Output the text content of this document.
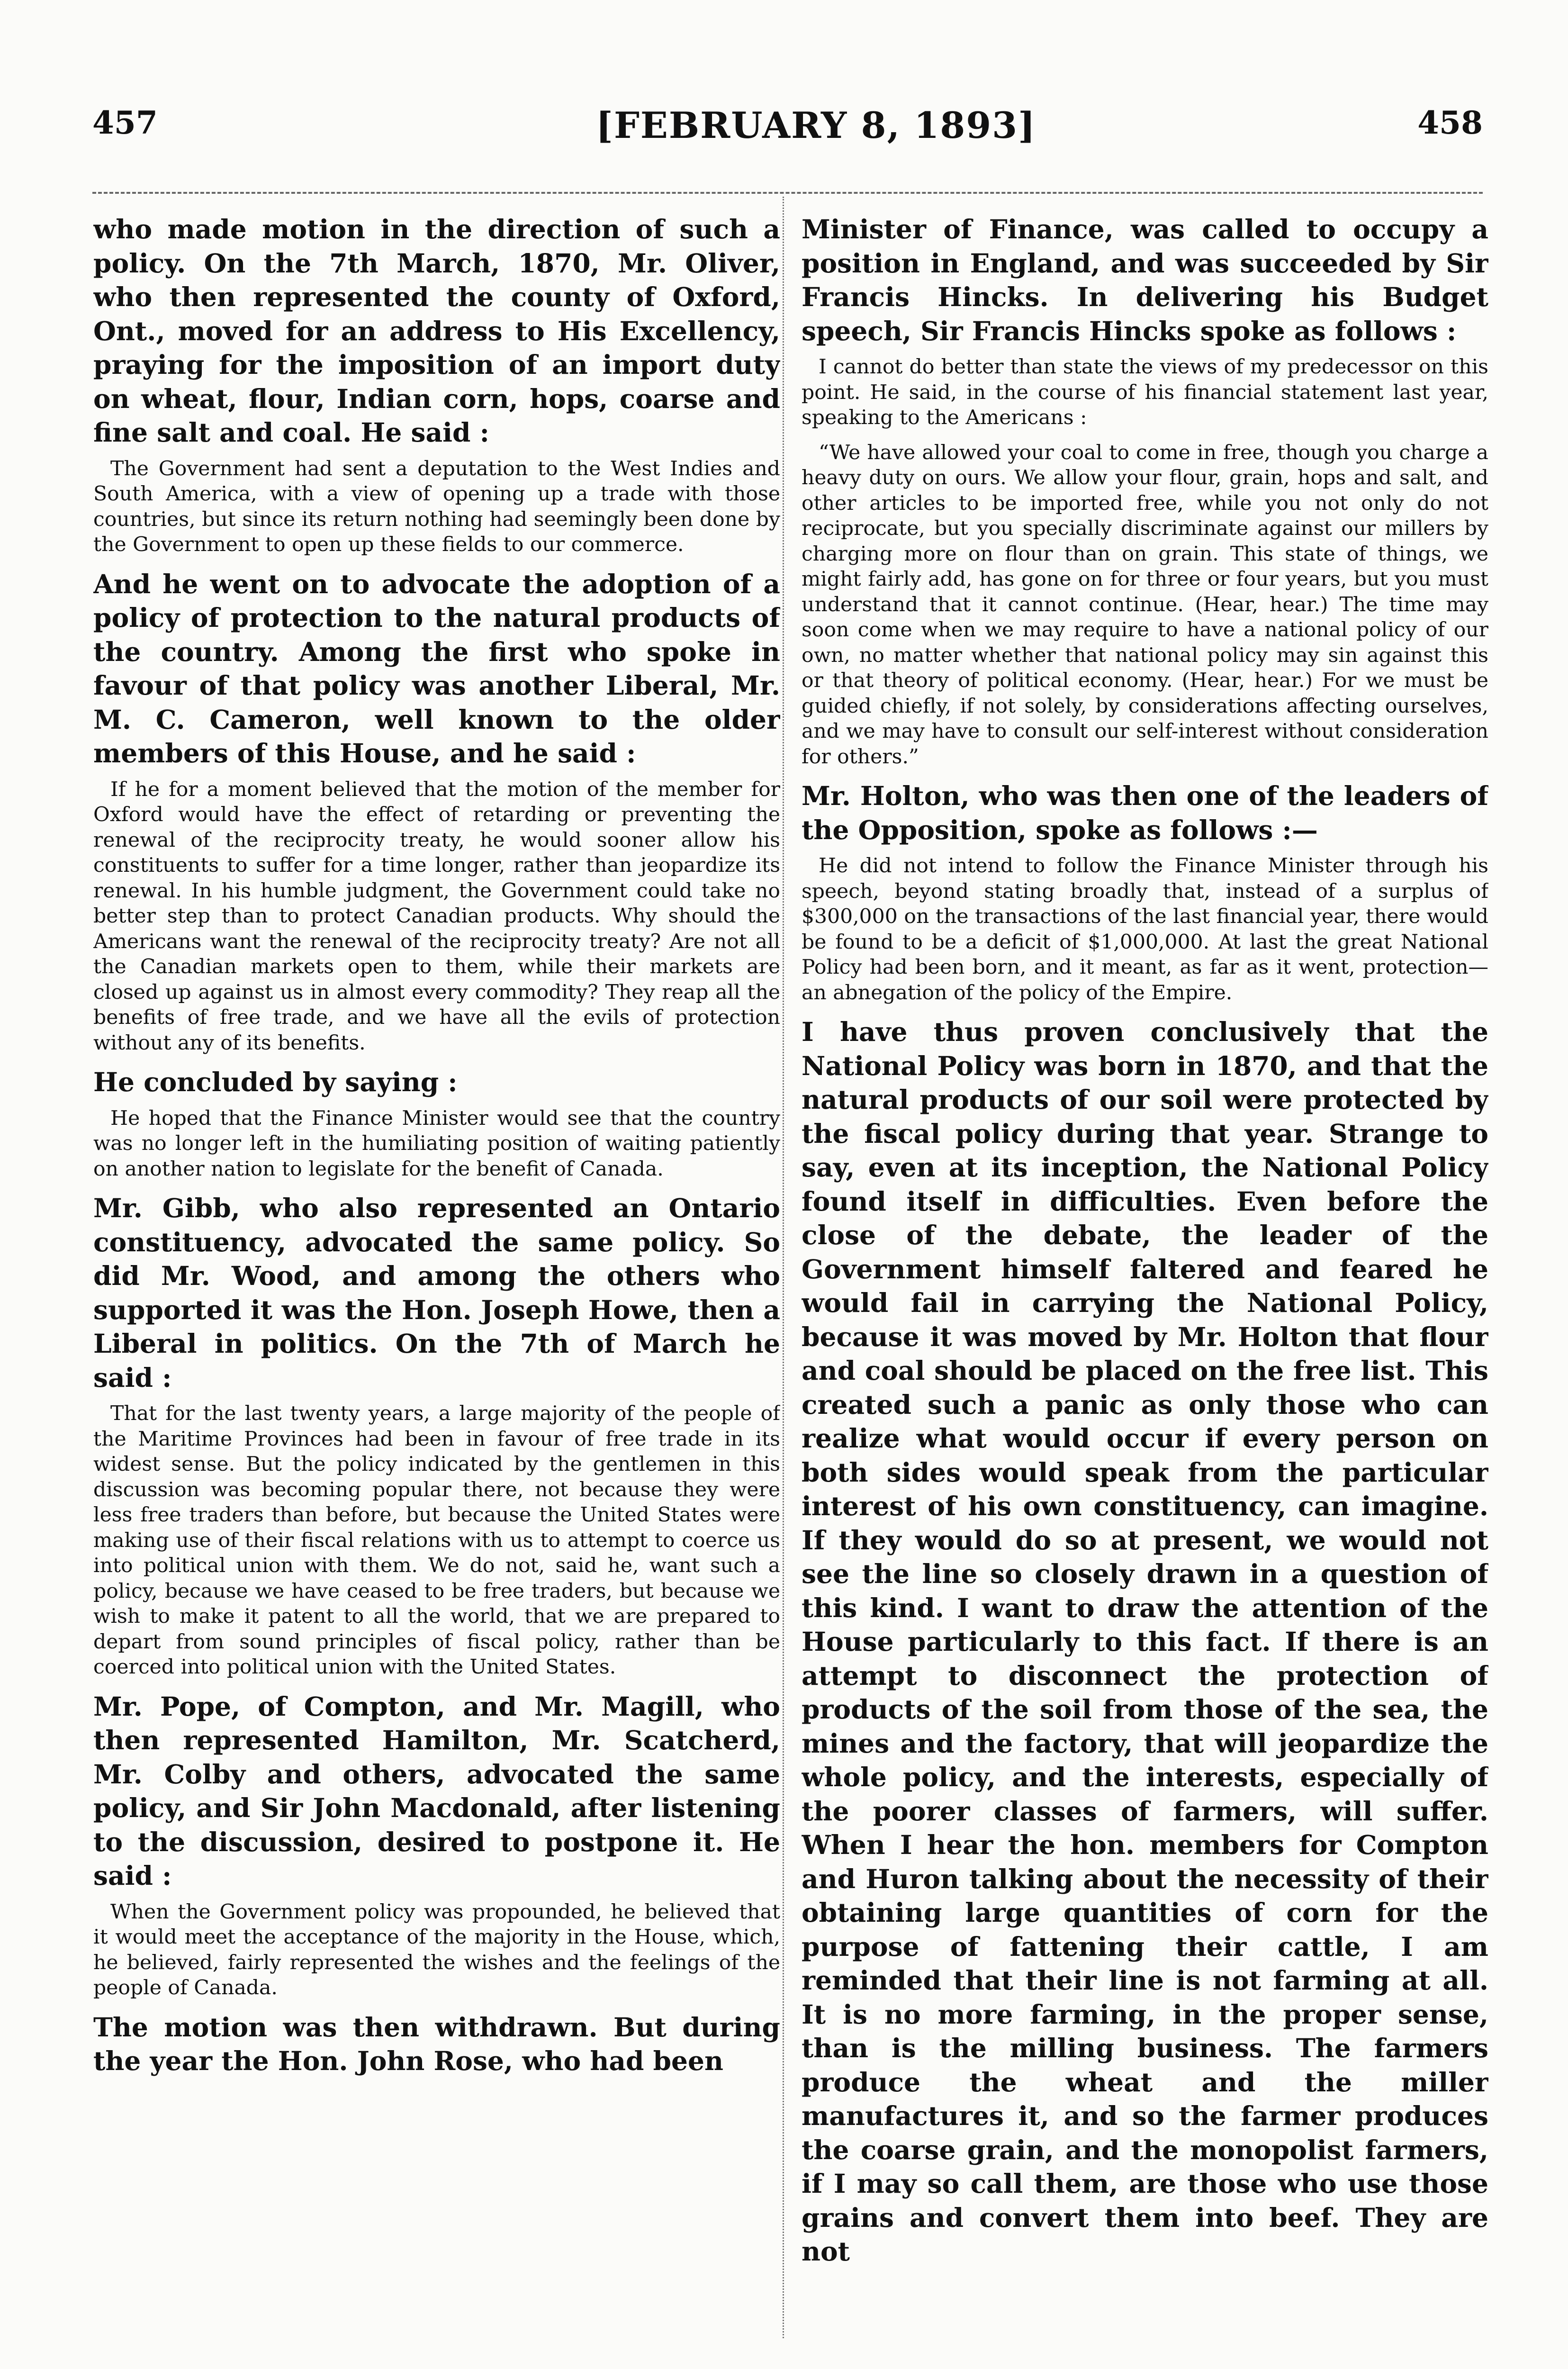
457	[FEBRUARY 8, 1893]	458

who made motion in the direction of such a policy. On the 7th March, 1870, Mr. Oliver, who then represented the county of Oxford, Ont., moved for an address to His Excellency, praying for the imposition of an import duty on wheat, flour, Indian corn, hops, coarse and fine salt and coal. He said :

The Government had sent a deputation to the West Indies and South America, with a view of opening up a trade with those countries, but since its return nothing had seemingly been done by the Government to open up these fields to our commerce.

And he went on to advocate the adoption of a policy of protection to the natural products of the country. Among the first who spoke in favour of that policy was another Liberal, Mr. M. C. Cameron, well known to the older members of this House, and he said :

If he for a moment believed that the motion of the member for Oxford would have the effect of retarding or preventing the renewal of the reciprocity treaty, he would sooner allow his constituents to suffer for a time longer, rather than jeopardize its renewal. In his humble judgment, the Government could take no better step than to protect Canadian products. Why should the Americans want the renewal of the reciprocity treaty? Are not all the Canadian markets open to them, while their markets are closed up against us in almost every commodity? They reap all the benefits of free trade, and we have all the evils of protection without any of its benefits.

He concluded by saying :

He hoped that the Finance Minister would see that the country was no longer left in the humiliating position of waiting patiently on another nation to legislate for the benefit of Canada.

Mr. Gibb, who also represented an Ontario constituency, advocated the same policy. So did Mr. Wood, and among the others who supported it was the Hon. Joseph Howe, then a Liberal in politics. On the 7th of March he said :

That for the last twenty years, a large majority of the people of the Maritime Provinces had been in favour of free trade in its widest sense. But the policy indicated by the gentlemen in this discussion was becoming popular there, not because they were less free traders than before, but because the United States were making use of their fiscal relations with us to attempt to coerce us into political union with them. We do not, said he, want such a policy, because we have ceased to be free traders, but because we wish to make it patent to all the world, that we are prepared to depart from sound principles of fiscal policy, rather than be coerced into political union with the United States.

Mr. Pope, of Compton, and Mr. Magill, who then represented Hamilton, Mr. Scatcherd, Mr. Colby and others, advocated the same policy, and Sir John Macdonald, after listening to the discussion, desired to postpone it. He said :

When the Government policy was propounded, he believed that it would meet the acceptance of the majority in the House, which, he believed, fairly represented the wishes and the feelings of the people of Canada.

The motion was then withdrawn. But during the year the Hon. John Rose, who had been

Minister of Finance, was called to occupy a position in England, and was succeeded by Sir Francis Hincks. In delivering his Budget speech, Sir Francis Hincks spoke as follows :

I cannot do better than state the views of my predecessor on this point. He said, in the course of his financial statement last year, speaking to the Americans :

“We have allowed your coal to come in free, though you charge a heavy duty on ours. We allow your flour, grain, hops and salt, and other articles to be imported free, while you not only do not reciprocate, but you specially discriminate against our millers by charging more on flour than on grain. This state of things, we might fairly add, has gone on for three or four years, but you must understand that it cannot continue. (Hear, hear.) The time may soon come when we may require to have a national policy of our own, no matter whether that national policy may sin against this or that theory of political economy. (Hear, hear.) For we must be guided chiefly, if not solely, by considerations affecting ourselves, and we may have to consult our self-interest without consideration for others.”

Mr. Holton, who was then one of the leaders of the Opposition, spoke as follows :—

He did not intend to follow the Finance Minister through his speech, beyond stating broadly that, instead of a surplus of $300,000 on the transactions of the last financial year, there would be found to be a deficit of $1,000,000. At last the great National Policy had been born, and it meant, as far as it went, protection—an abnegation of the policy of the Empire.

I have thus proven conclusively that the National Policy was born in 1870, and that the natural products of our soil were protected by the fiscal policy during that year. Strange to say, even at its inception, the National Policy found itself in difficulties. Even before the close of the debate, the leader of the Government himself faltered and feared he would fail in carrying the National Policy, because it was moved by Mr. Holton that flour and coal should be placed on the free list. This created such a panic as only those who can realize what would occur if every person on both sides would speak from the particular interest of his own constituency, can imagine. If they would do so at present, we would not see the line so closely drawn in a question of this kind. I want to draw the attention of the House particularly to this fact. If there is an attempt to disconnect the protection of products of the soil from those of the sea, the mines and the factory, that will jeopardize the whole policy, and the interests, especially of the poorer classes of farmers, will suffer. When I hear the hon. members for Compton and Huron talking about the necessity of their obtaining large quantities of corn for the purpose of fattening their cattle, I am reminded that their line is not farming at all. It is no more farming, in the proper sense, than is the milling business. The farmers produce the wheat and the miller manufactures it, and so the farmer produces the coarse grain, and the monopolist farmers, if I may so call them, are those who use those grains and convert them into beef. They are not
